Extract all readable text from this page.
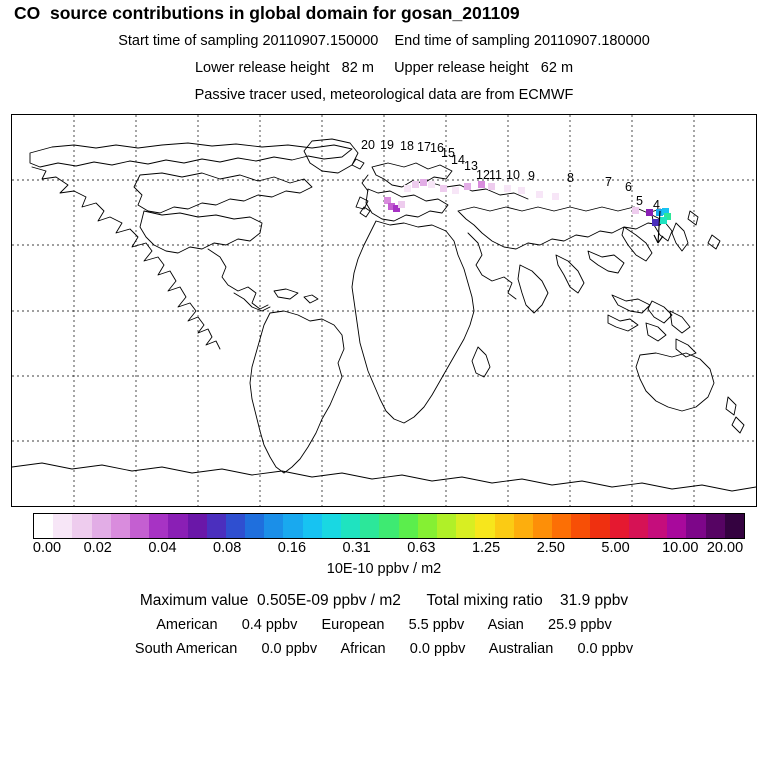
CO  source contributions in global domain for gosan_201109
Start time of sampling 20110907.150000 End time of sampling 20110907.180000
Lower release height 82 m Upper release height 62 m
Passive tracer used, meteorological data are from ECMWF
20 19 18 17 16
15
14 13
12 11 10 9	8 7 6
5 4
0.00 0.02	0.04	0.08	0.16	0.31	0.63	1.25	2.50	5.00 10.00 20.00
10E-10 ppbv / m2
Maximum value 0.505E-09 ppbv / m2 Total mixing ratio 31.9 ppbv
American 0.4 ppbv European 5.5 ppbv Asian 25.9 ppbv
South American 0.0 ppbv African 0.0 ppbv Australian 0.0 ppbv
